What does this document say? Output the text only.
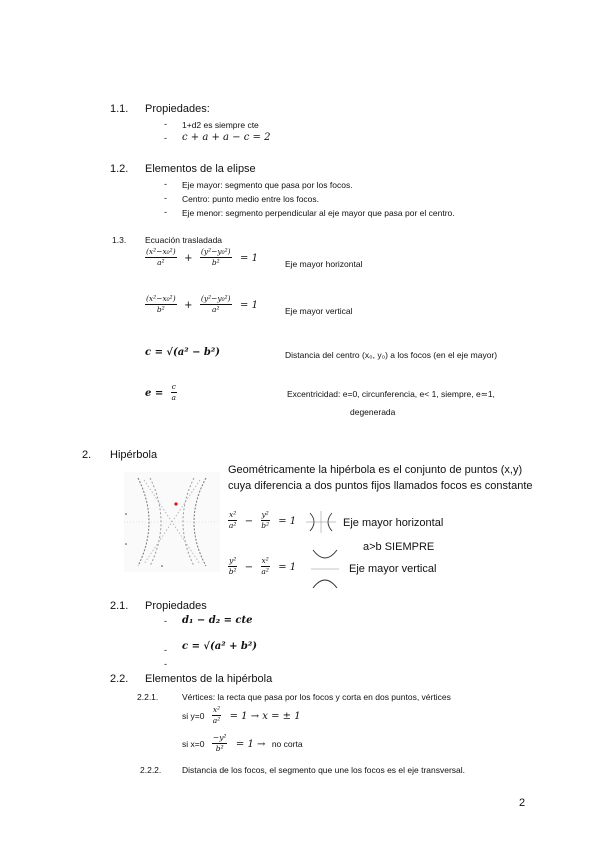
1.1. Propiedades:
- 1+d2 es siempre cte
- c + a + a − c = 2
1.2. Elementos de la elipse
- Eje mayor: segmento que pasa por los focos.
- Centro: punto medio entre los focos.
- Eje menor: segmento perpendicular al eje mayor que pasa por el centro.
1.3. Ecuación trasladada
$\frac{\text{(x²−x₀²)}}{\text{a²}} + \frac{\text{(y²−y₀²)}}{\text{b²}} = 1$	Eje mayor horizontal
$\frac{\text{(x²−x₀²)}}{\text{b²}} + \frac{\text{(y²−y₀²)}}{\text{a²}} = 1$	Eje mayor vertical
c = √(a² − b²)	Distancia del centro (x₀, y₀) a los focos (en el eje mayor)
$e = \frac{c}{a}$	Excentricidad: e=0, circunferencia, e< 1, siempre, e≃1,
degenerada
2. Hipérbola
Geométricamente la hipérbola es el conjunto de puntos (x,y)
cuya diferencia a dos puntos fijos llamados focos es constante
$\frac{\text{x²}}{\text{a²}} - \frac{\text{y²}}{\text{b²}} = 1$	Eje mayor horizontal
a>b SIEMPRE
$\frac{\text{y²}}{\text{b²}} - \frac{\text{x²}}{\text{a²}} = 1$	Eje mayor vertical
2.1. Propiedades
- d₁ − d₂ = cte
- c = √(a² + b²)
-
2.2. Elementos de la hipérbola
2.2.1.	Vértices: la recta que pasa por los focos y corta en dos puntos, vértices
si $y=0 \frac{\text{x²}}{\text{a²}} = 1 \to x$ = ± 1
si $x=0 \frac{\text{−y²}}{\text{b²}} = 1$ → no corta
2.2.2. Distancia de los focos, el segmento que une los focos es el eje transversal.
2
